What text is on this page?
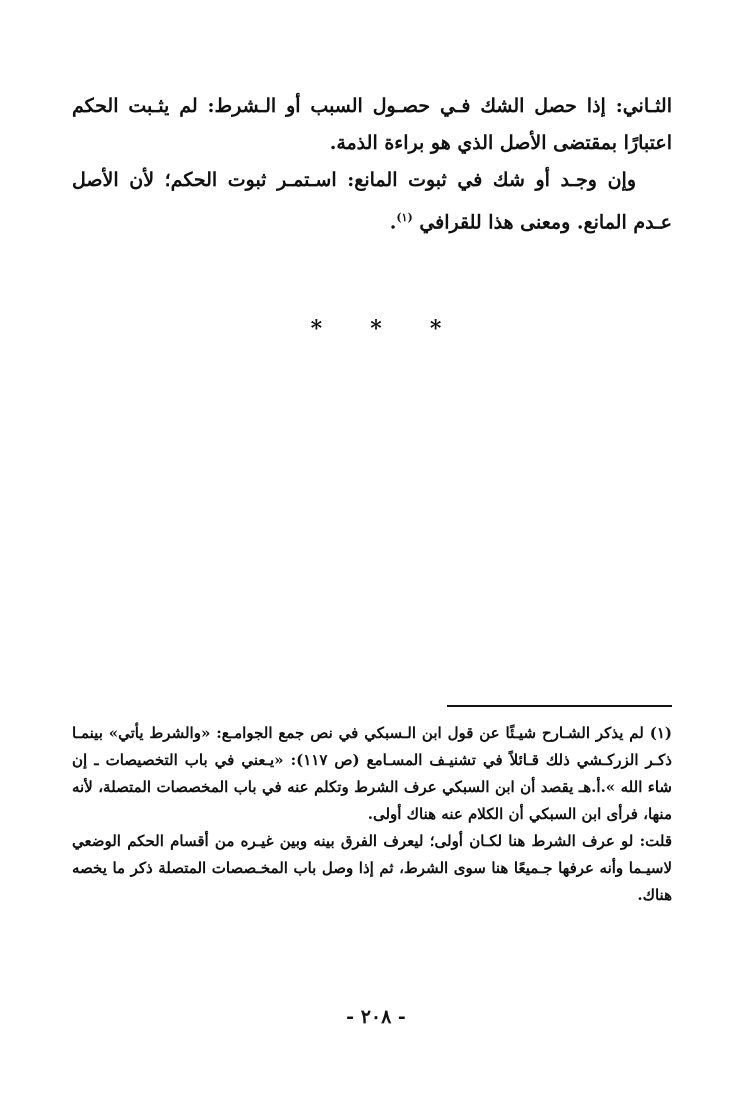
الثـاني: إذا حصل الشك فـي حصـول السبب أو الـشرط: لم يثـبت الحكم اعتبارًا بمقتضى الأصل الذي هو براءة الذمة.

وإن وجـد أو شك في ثبوت المانع: اسـتمـر ثبوت الحكم؛ لأن الأصل عـدم المانع. ومعنى هذا للقرافي $^{(١)}$.

* * *

(١) لم يذكر الشـارح شيـئًا عن قول ابن الـسبكي في نص جمع الجوامـع: «والشرط يأتي» بينمـا ذكـر الزركـشي ذلك قـائلاً في تشنيـف المسـامع (ص ١١٧): «يـعني في باب التخصيصات ـ إن شاء الله ».أ.هـ يقصد أن ابن السبكي عرف الشرط وتكلم عنه في باب المخصصات المتصلة، لأنه منها، فرأى ابن السبكي أن الكلام عنه هناك أولى.

قلت: لو عرف الشرط هنا لكـان أولى؛ ليعرف الفرق بينه وبين غيـره من أقسام الحكم الوضعي لاسيـما وأنه عرفها جـميعًا هنا سوى الشرط، ثم إذا وصل باب المخـصصات المتصلة ذكر ما يخصه هناك.

- ٢٠٨ -
